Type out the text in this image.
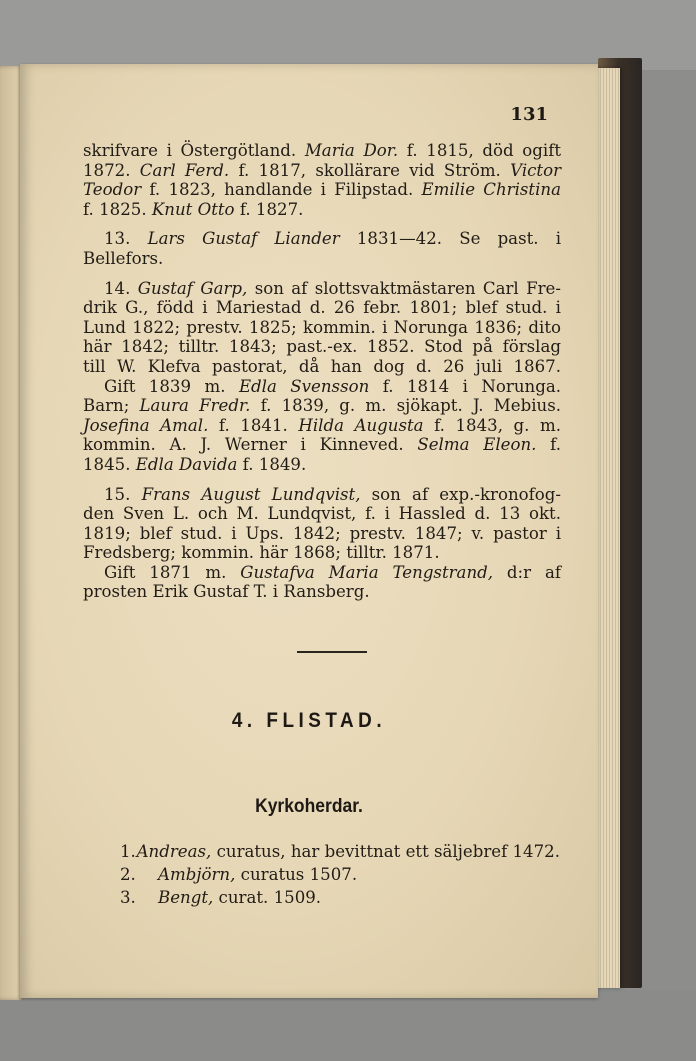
131
skrifvare i Östergötland. Maria Dor. f. 1815, död ogift
1872. Carl Ferd. f. 1817, skollärare vid Ström. Victor
Teodor f. 1823, handlande i Filipstad. Emilie Christina
f. 1825. Knut Otto f. 1827.
13. Lars Gustaf Liander 1831—42. Se past. i
Bellefors.
14. Gustaf Garp, son af slottsvaktmästaren Carl Fre-
drik G., född i Mariestad d. 26 febr. 1801; blef stud. i
Lund 1822; prestv. 1825; kommin. i Norunga 1836; dito
här 1842; tilltr. 1843; past.-ex. 1852. Stod på förslag
till W. Klefva pastorat, då han dog d. 26 juli 1867.
Gift 1839 m. Edla Svensson f. 1814 i Norunga.
Barn; Laura Fredr. f. 1839, g. m. sjökapt. J. Mebius.
Josefina Amal. f. 1841. Hilda Augusta f. 1843, g. m.
kommin. A. J. Werner i Kinneved. Selma Eleon. f.
1845. Edla Davida f. 1849.
15. Frans August Lundqvist, son af exp.-kronofog-
den Sven L. och M. Lundqvist, f. i Hassled d. 13 okt.
1819; blef stud. i Ups. 1842; prestv. 1847; v. pastor i
Fredsberg; kommin. här 1868; tilltr. 1871.
Gift 1871 m. Gustafva Maria Tengstrand, d:r af
prosten Erik Gustaf T. i Ransberg.
4. FLISTAD.
Kyrkoherdar.
1. Andreas, curatus, har bevittnat ett säljebref 1472.
2.	Ambjörn, curatus 1507.
3.	Bengt, curat. 1509.
